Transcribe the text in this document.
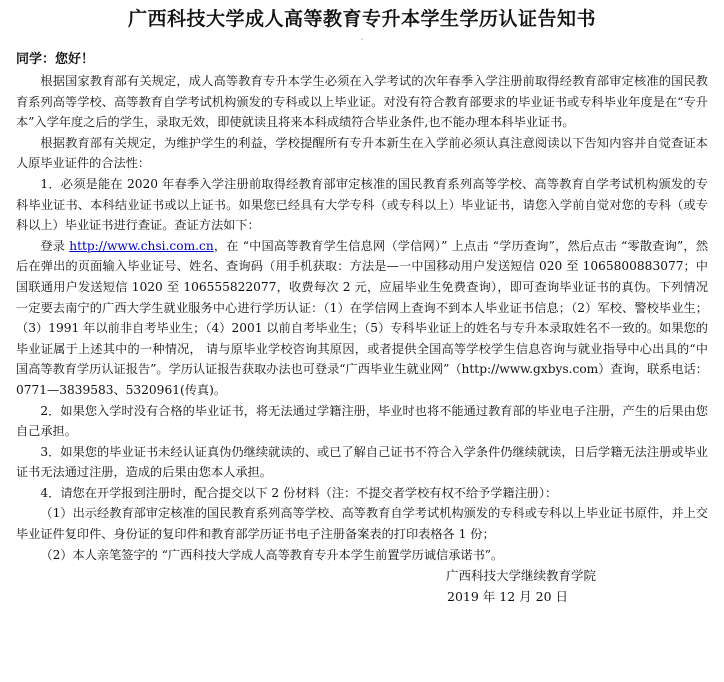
广西科技大学成人高等教育专升本学生学历认证告知书
·
同学：您好！

根据国家教育部有关规定，成人高等教育专升本学生必须在入学考试的次年春季入学注册前取得经教育部审定核准的国民教育系列高等学校、高等教育自学考试机构颁发的专科或以上毕业证。对没有符合教育部要求的毕业证书或专科毕业年度是在“专升本”入学年度之后的学生，录取无效，即使就读且将来本科成绩符合毕业条件,也不能办理本科毕业证书。

根据教育部有关规定，为维护学生的利益，学校提醒所有专升本新生在入学前必须认真注意阅读以下告知内容并自觉查证本人原毕业证件的合法性：

1．必须是能在 2020 年春季入学注册前取得经教育部审定核准的国民教育系列高等学校、高等教育自学考试机构颁发的专科毕业证书、本科结业证书或以上证书。如果您已经具有大学专科（或专科以上）毕业证书，请您入学前自觉对您的专科（或专科以上）毕业证书进行查证。查证方法如下：

登录 http://www.chsi.com.cn，在 “中国高等教育学生信息网（学信网）” 上点击 “学历查询”，然后点击 “零散查询”，然后在弹出的页面输入毕业证号、姓名、查询码（用手机获取：方法是—一中国移动用户发送短信 020 至 1065800883077；中国联通用户发送短信 1020 至 106555822077，收费每次 2 元，应届毕业生免费查询），即可查询毕业证书的真伪。下列情况一定要去南宁的广西大学生就业服务中心进行学历认证：（1）在学信网上查询不到本人毕业证书信息；（2）军校、警校毕业生；（3）1991 年以前非自考毕业生；（4）2001 以前自考毕业生；（5）专科毕业证上的姓名与专升本录取姓名不一致的。如果您的毕业证属于上述其中的一种情况， 请与原毕业学校咨询其原因，或者提供全国高等学校学生信息咨询与就业指导中心出具的“中国高等教育学历认证报告”。学历认证报告获取办法也可登录“广西毕业生就业网”（http://www.gxbys.com）查询，联系电话：0771—3839583、5320961(传真)。

2．如果您入学时没有合格的毕业证书，将无法通过学籍注册，毕业时也将不能通过教育部的毕业电子注册，产生的后果由您自己承担。

3．如果您的毕业证书未经认证真伪仍继续就读的、或已了解自己证书不符合入学条件仍继续就读，日后学籍无法注册或毕业证书无法通过注册，造成的后果由您本人承担。

4．请您在开学报到注册时，配合提交以下 2 份材料（注：不提交者学校有权不给予学籍注册）：

（1）出示经教育部审定核准的国民教育系列高等学校、高等教育自学考试机构颁发的专科或专科以上毕业证书原件，并上交毕业证件复印件、身份证的复印件和教育部学历证书电子注册备案表的打印表格各 1 份；

（2）本人亲笔签字的 “广西科技大学成人高等教育专升本学生前置学历诚信承诺书”。

广西科技大学继续教育学院

2019 年 12 月 20 日
